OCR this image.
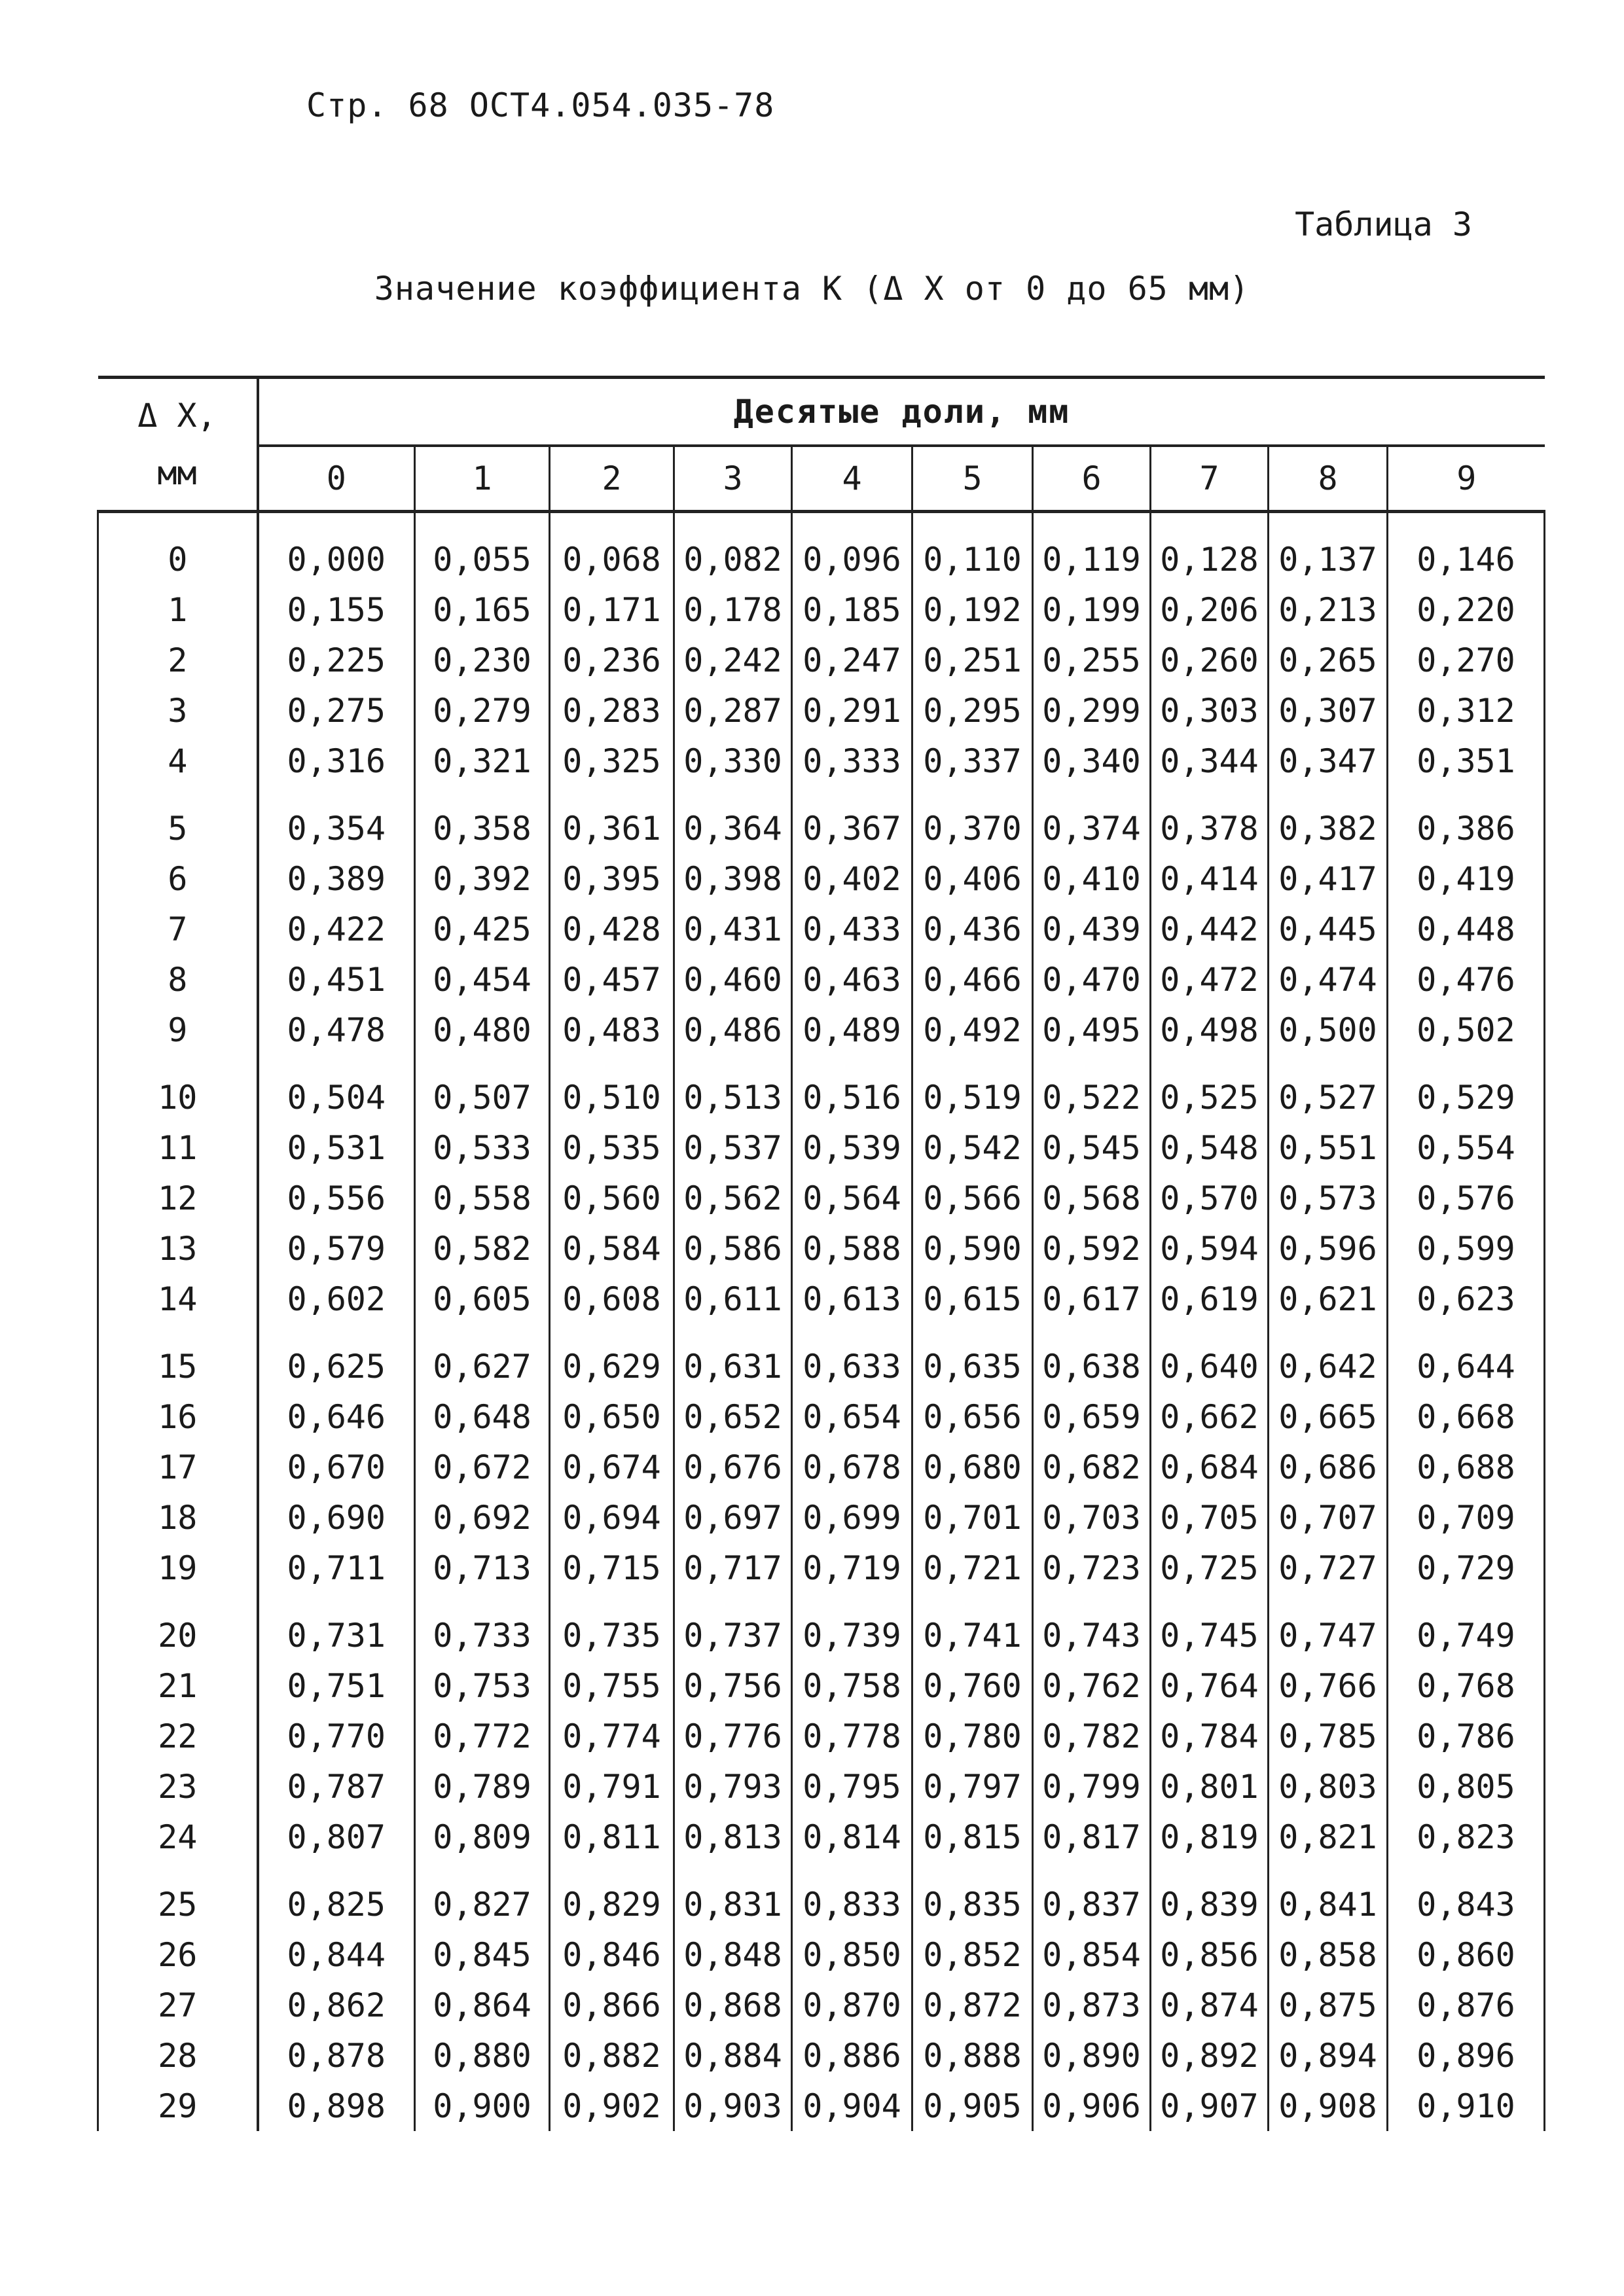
Стр. 68 ОСТ4.054.035-78
Таблица 3
Значение коэффициента К (Δ Х от 0 до 65 мм)
Δ Х,
мм	Десятые доли, мм									
	0	1	2	3	4	5	6	7	8	9
0	0,000	0,055	0,068	0,082	0,096	0,110	0,119	0,128	0,137	0,146
1	0,155	0,165	0,171	0,178	0,185	0,192	0,199	0,206	0,213	0,220
2	0,225	0,230	0,236	0,242	0,247	0,251	0,255	0,260	0,265	0,270
3	0,275	0,279	0,283	0,287	0,291	0,295	0,299	0,303	0,307	0,312
4	0,316	0,321	0,325	0,330	0,333	0,337	0,340	0,344	0,347	0,351
5	0,354	0,358	0,361	0,364	0,367	0,370	0,374	0,378	0,382	0,386
6	0,389	0,392	0,395	0,398	0,402	0,406	0,410	0,414	0,417	0,419
7	0,422	0,425	0,428	0,431	0,433	0,436	0,439	0,442	0,445	0,448
8	0,451	0,454	0,457	0,460	0,463	0,466	0,470	0,472	0,474	0,476
9	0,478	0,480	0,483	0,486	0,489	0,492	0,495	0,498	0,500	0,502
10	0,504	0,507	0,510	0,513	0,516	0,519	0,522	0,525	0,527	0,529
11	0,531	0,533	0,535	0,537	0,539	0,542	0,545	0,548	0,551	0,554
12	0,556	0,558	0,560	0,562	0,564	0,566	0,568	0,570	0,573	0,576
13	0,579	0,582	0,584	0,586	0,588	0,590	0,592	0,594	0,596	0,599
14	0,602	0,605	0,608	0,611	0,613	0,615	0,617	0,619	0,621	0,623
15	0,625	0,627	0,629	0,631	0,633	0,635	0,638	0,640	0,642	0,644
16	0,646	0,648	0,650	0,652	0,654	0,656	0,659	0,662	0,665	0,668
17	0,670	0,672	0,674	0,676	0,678	0,680	0,682	0,684	0,686	0,688
18	0,690	0,692	0,694	0,697	0,699	0,701	0,703	0,705	0,707	0,709
19	0,711	0,713	0,715	0,717	0,719	0,721	0,723	0,725	0,727	0,729
20	0,731	0,733	0,735	0,737	0,739	0,741	0,743	0,745	0,747	0,749
21	0,751	0,753	0,755	0,756	0,758	0,760	0,762	0,764	0,766	0,768
22	0,770	0,772	0,774	0,776	0,778	0,780	0,782	0,784	0,785	0,786
23	0,787	0,789	0,791	0,793	0,795	0,797	0,799	0,801	0,803	0,805
24	0,807	0,809	0,811	0,813	0,814	0,815	0,817	0,819	0,821	0,823
25	0,825	0,827	0,829	0,831	0,833	0,835	0,837	0,839	0,841	0,843
26	0,844	0,845	0,846	0,848	0,850	0,852	0,854	0,856	0,858	0,860
27	0,862	0,864	0,866	0,868	0,870	0,872	0,873	0,874	0,875	0,876
28	0,878	0,880	0,882	0,884	0,886	0,888	0,890	0,892	0,894	0,896
29	0,898	0,900	0,902	0,903	0,904	0,905	0,906	0,907	0,908	0,910
